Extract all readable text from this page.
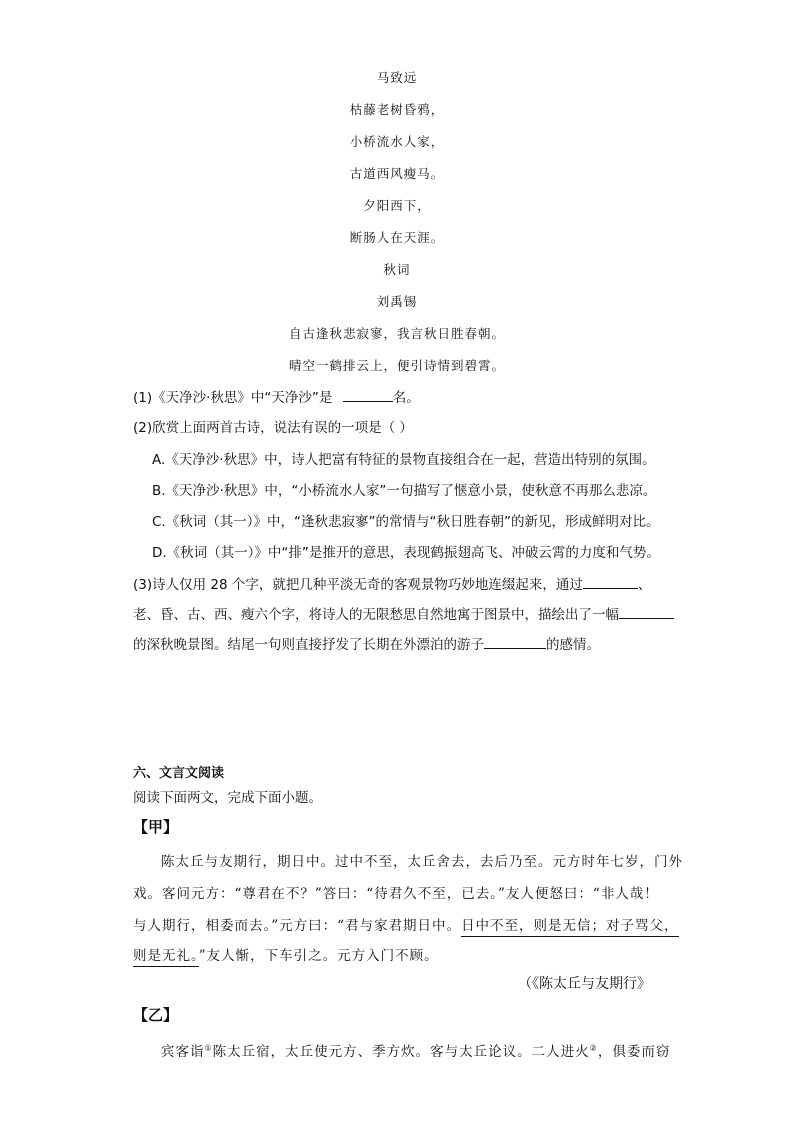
马致远
枯藤老树昏鸦，
小桥流水人家，
古道西风瘦马。
夕阳西下，
断肠人在天涯。
秋词
刘禹锡
自古逢秋悲寂寥，我言秋日胜春朝。
晴空一鹤排云上，便引诗情到碧霄。
(1)《天净沙·秋思》中“天净沙”是	名。
(2)欣赏上面两首古诗，说法有误的一项是（ ）
A.《天净沙·秋思》中，诗人把富有特征的景物直接组合在一起，营造出特别的氛围。
B.《天净沙·秋思》中，“小桥流水人家”一句描写了惬意小景，使秋意不再那么悲凉。
C.《秋词（其一）》中，“逢秋悲寂寥”的常情与“秋日胜春朝”的新见，形成鲜明对比。
D.《秋词（其一）》中“排”是推开的意思，表现鹤振翅高飞、冲破云霄的力度和气势。
(3)诗人仅用 28 个字，就把几种平淡无奇的客观景物巧妙地连缀起来，通过	、
老、昏、古、西、瘦六个字，将诗人的无限愁思自然地寓于图景中，描绘出了一幅
的深秋晚景图。结尾一句则直接抒发了长期在外漂泊的游子	的感情。
六、文言文阅读
阅读下面两文，完成下面小题。
【甲】
陈太丘与友期行，期日中。过中不至，太丘舍去，去后乃至。元方时年七岁，门外
戏。客问元方：“尊君在不？”答曰：“待君久不至，已去。”友人便怒曰：“非人哉！
与人期行，相委而去。”元方曰：“君与家君期日中。日中不至，则是无信；对子骂父，
则是无礼。”友人惭，下车引之。元方入门不顾。
（《陈太丘与友期行》
【乙】
宾客诣①陈太丘宿，太丘使元方、季方炊。客与太丘论议。二人进火②，俱委而窃
